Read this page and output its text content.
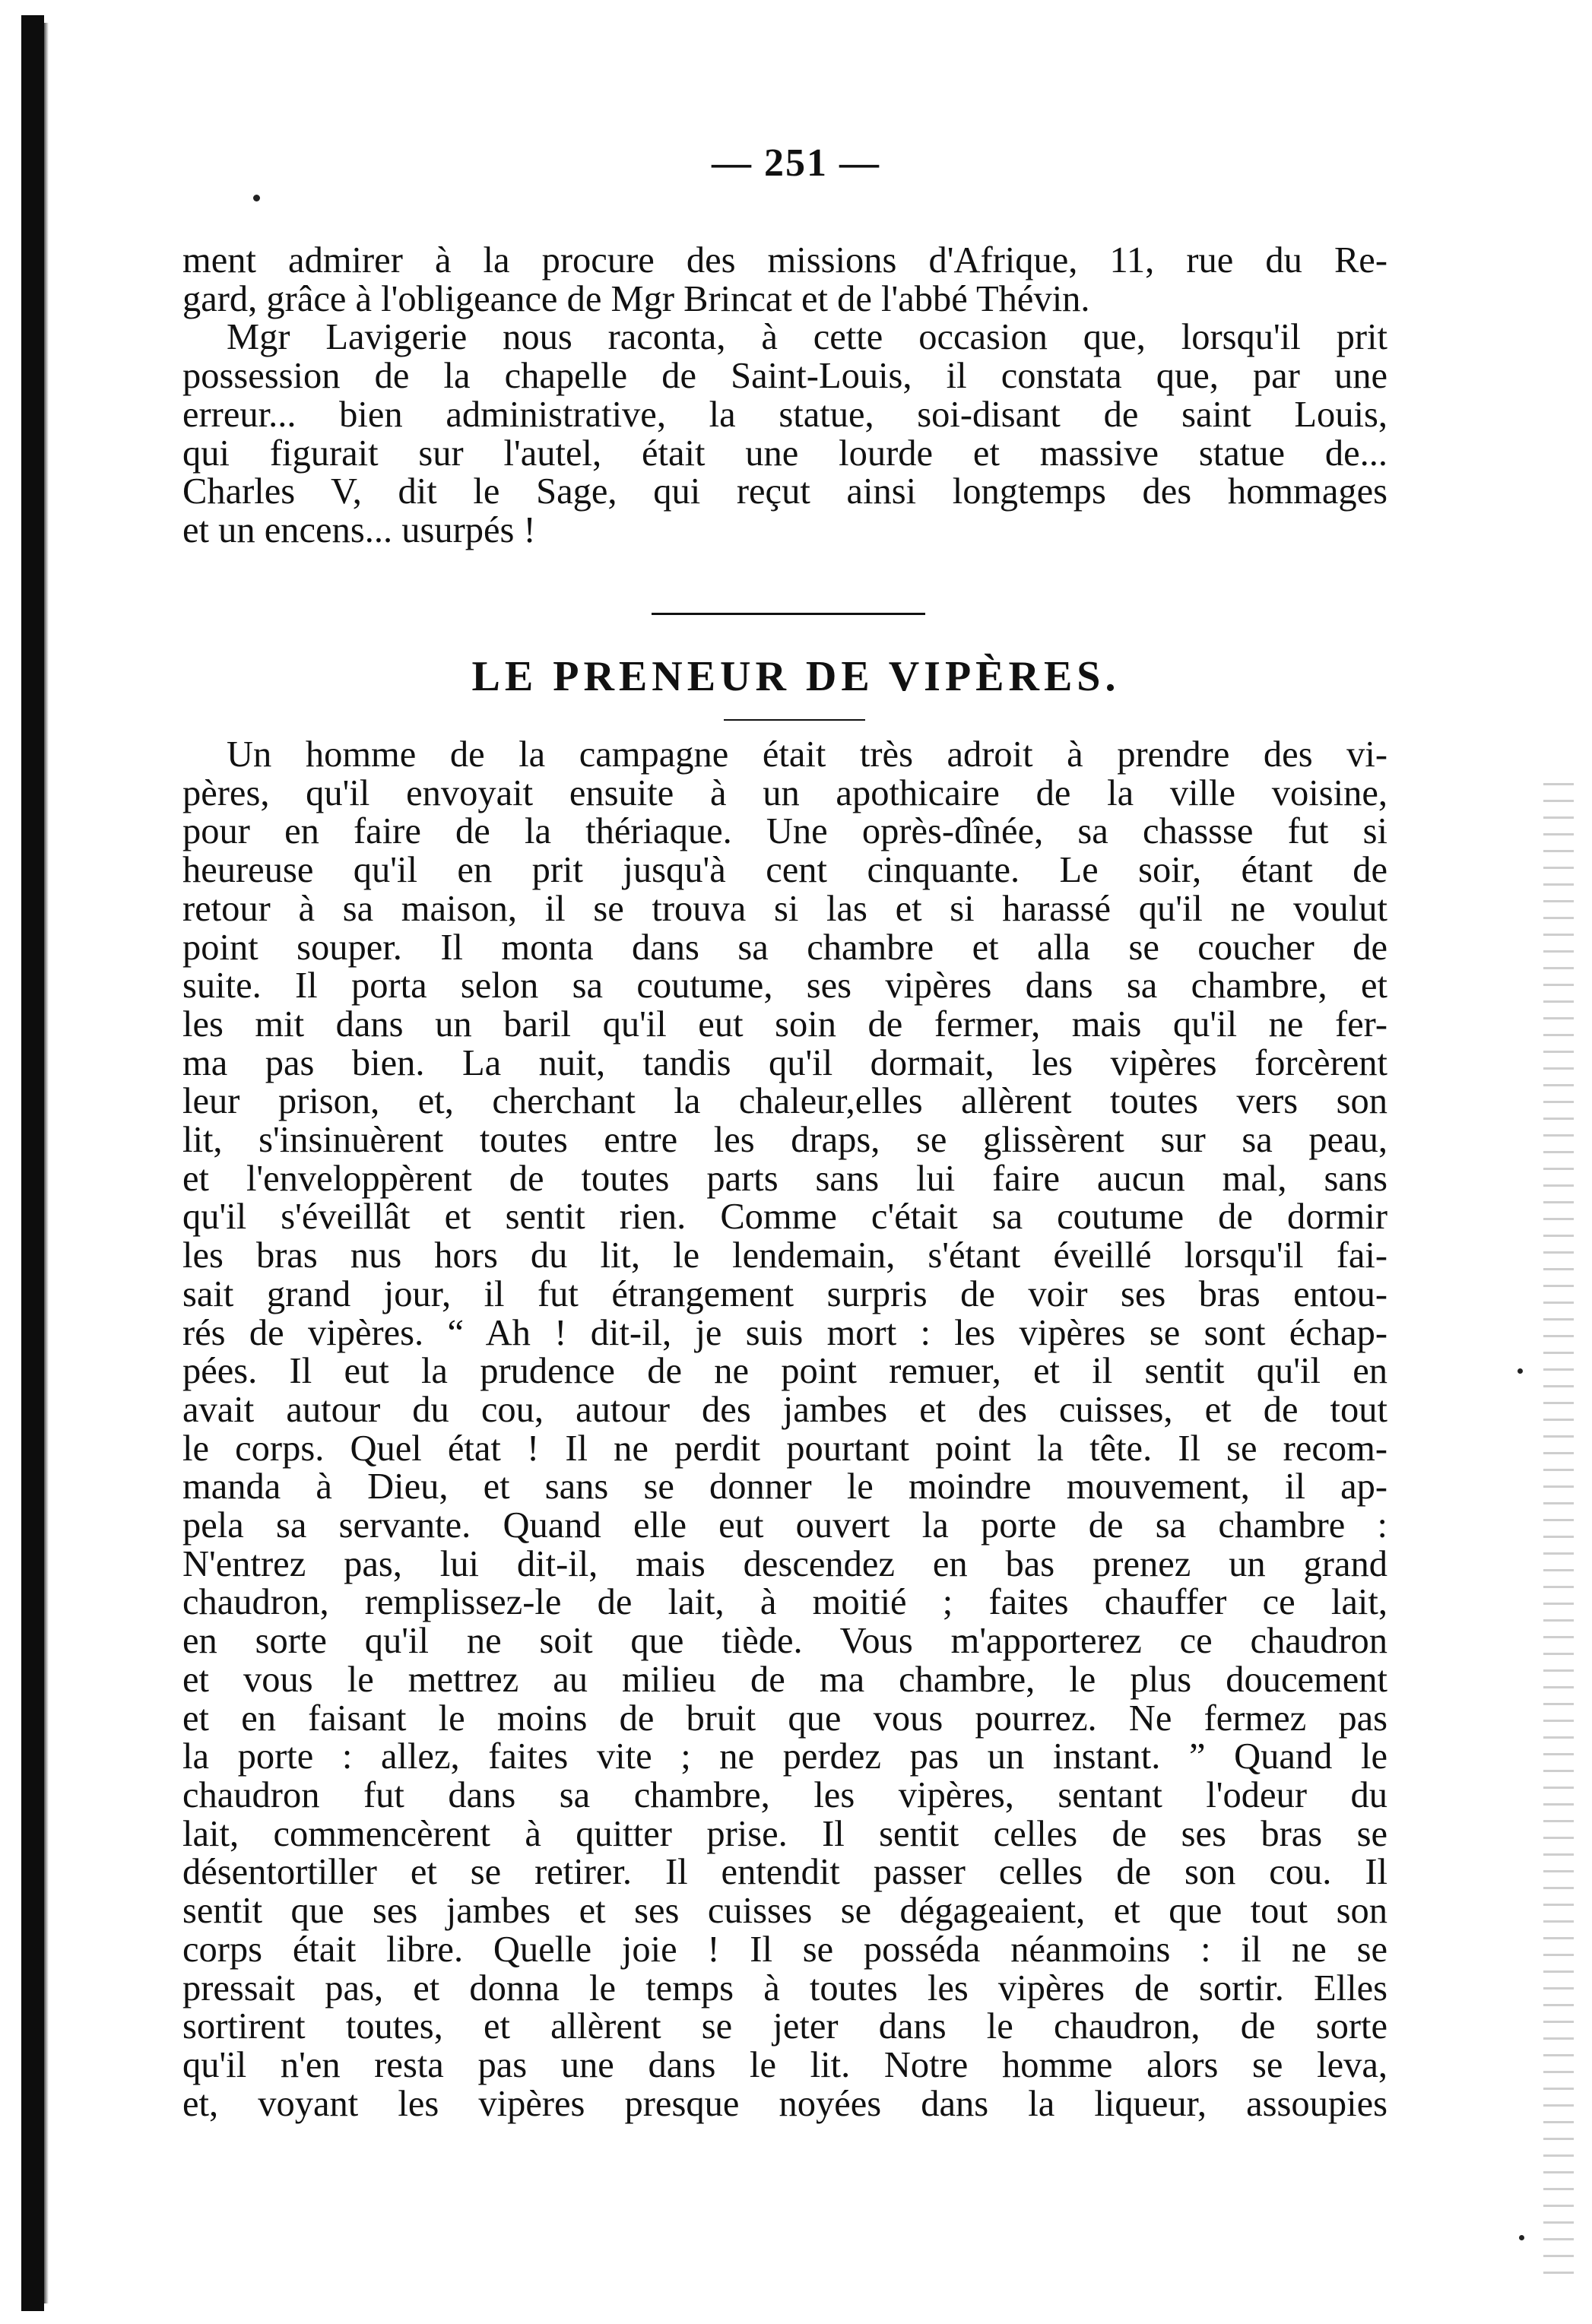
— 251 —
ment admirer à la procure des missions d'Afrique, 11, rue du Re-
gard, grâce à l'obligeance de Mgr Brincat et de l'abbé Thévin.
Mgr Lavigerie nous raconta, à cette occasion que, lorsqu'il prit
possession de la chapelle de Saint-Louis, il constata que, par une
erreur... bien administrative, la statue, soi-disant de saint Louis,
qui figurait sur l'autel, était une lourde et massive statue de...
Charles V, dit le Sage, qui reçut ainsi longtemps des hommages
et un encens... usurpés !
LE PRENEUR DE VIPÈRES.
Un homme de la campagne était très adroit à prendre des vi-
pères, qu'il envoyait ensuite à un apothicaire de la ville voisine,
pour en faire de la thériaque. Une oprès-dînée, sa chassse fut si
heureuse qu'il en prit jusqu'à cent cinquante. Le soir, étant de
retour à sa maison, il se trouva si las et si harassé qu'il ne voulut
point souper. Il monta dans sa chambre et alla se coucher de
suite. Il porta selon sa coutume, ses vipères dans sa chambre, et
les mit dans un baril qu'il eut soin de fermer, mais qu'il ne fer-
ma pas bien. La nuit, tandis qu'il dormait, les vipères forcèrent
leur prison, et, cherchant la chaleur,elles allèrent toutes vers son
lit, s'insinuèrent toutes entre les draps, se glissèrent sur sa peau,
et l'enveloppèrent de toutes parts sans lui faire aucun mal, sans
qu'il s'éveillât et sentit rien. Comme c'était sa coutume de dormir
les bras nus hors du lit, le lendemain, s'étant éveillé lorsqu'il fai-
sait grand jour, il fut étrangement surpris de voir ses bras entou-
rés de vipères. “ Ah ! dit-il, je suis mort : les vipères se sont échap-
pées. Il eut la prudence de ne point remuer, et il sentit qu'il en
avait autour du cou, autour des jambes et des cuisses, et de tout
le corps. Quel état ! Il ne perdit pourtant point la tête. Il se recom-
manda à Dieu, et sans se donner le moindre mouvement, il ap-
pela sa servante. Quand elle eut ouvert la porte de sa chambre :
N'entrez pas, lui dit-il, mais descendez en bas prenez un grand
chaudron, remplissez-le de lait, à moitié ; faites chauffer ce lait,
en sorte qu'il ne soit que tiède. Vous m'apporterez ce chaudron
et vous le mettrez au milieu de ma chambre, le plus doucement
et en faisant le moins de bruit que vous pourrez. Ne fermez pas
la porte : allez, faites vite ; ne perdez pas un instant. ” Quand le
chaudron fut dans sa chambre, les vipères, sentant l'odeur du
lait, commencèrent à quitter prise. Il sentit celles de ses bras se
désentortiller et se retirer. Il entendit passer celles de son cou. Il
sentit que ses jambes et ses cuisses se dégageaient, et que tout son
corps était libre. Quelle joie ! Il se posséda néanmoins : il ne se
pressait pas, et donna le temps à toutes les vipères de sortir. Elles
sortirent toutes, et allèrent se jeter dans le chaudron, de sorte
qu'il n'en resta pas une dans le lit. Notre homme alors se leva,
et, voyant les vipères presque noyées dans la liqueur, assoupies
